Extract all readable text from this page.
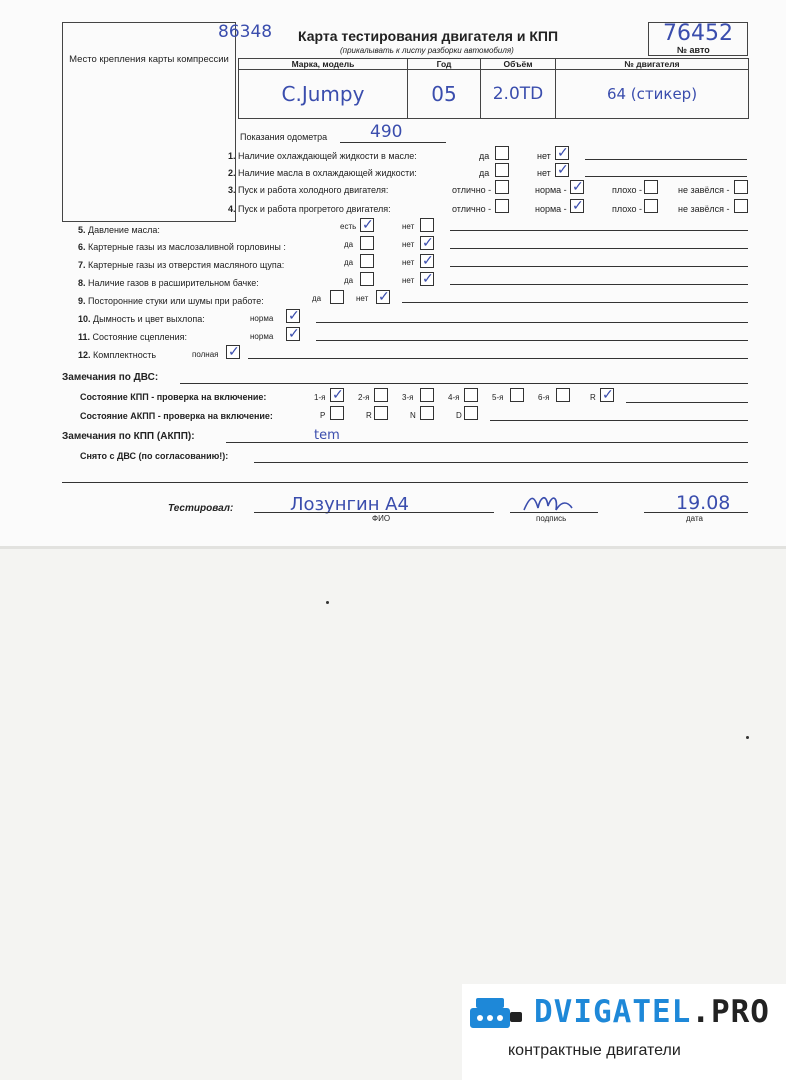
Место крепления карты компрессии
86348 Карта тестирования двигателя и КПП
(прикалывать к листу разборки автомобиля)
76452
№ авто
Марка, модель	Год	Объём	№ двигателя
C.Jumpy	05	2.0TD	64 (стикер)
Показания одометра	490
1. Наличие охлаждающей жидкости в масле:	да	нет ✓
2. Наличие масла в охлаждающей жидкости:	да	нет ✓
3. Пуск и работа холодного двигателя:	отлично -	норма - ✓	плохо -	не завёлся -
4. Пуск и работа прогретого двигателя:	отлично -	норма - ✓	плохо -	не завёлся -
5. Давление масла:	есть ✓	нет
6. Картерные газы из маслозаливной горловины :	да	нет ✓
7. Картерные газы из отверстия масляного щупа:	да	нет ✓
8. Наличие газов в расширительном бачке:	да	нет ✓
9. Посторонние стуки или шумы при работе:	да	нет ✓
10. Дымность и цвет выхлопа:	норма ✓
11. Состояние сцепления:	норма ✓
12. Комплектность	полная ✓
Замечания по ДВС:
Состояние КПП - проверка на включение:	1-я ✓ 2-я	3-я	4-я	5-я	6-я	R ✓
Состояние АКПП - проверка на включение:	P	R	N	D
Замечания по КПП (АКПП):	tem
Снято с ДВС (по согласованию!):
Тестировал:	Лозунгин А4
ФИО	подпись
19.08
дата
DVIGATEL.PRO
контрактные двигатели
